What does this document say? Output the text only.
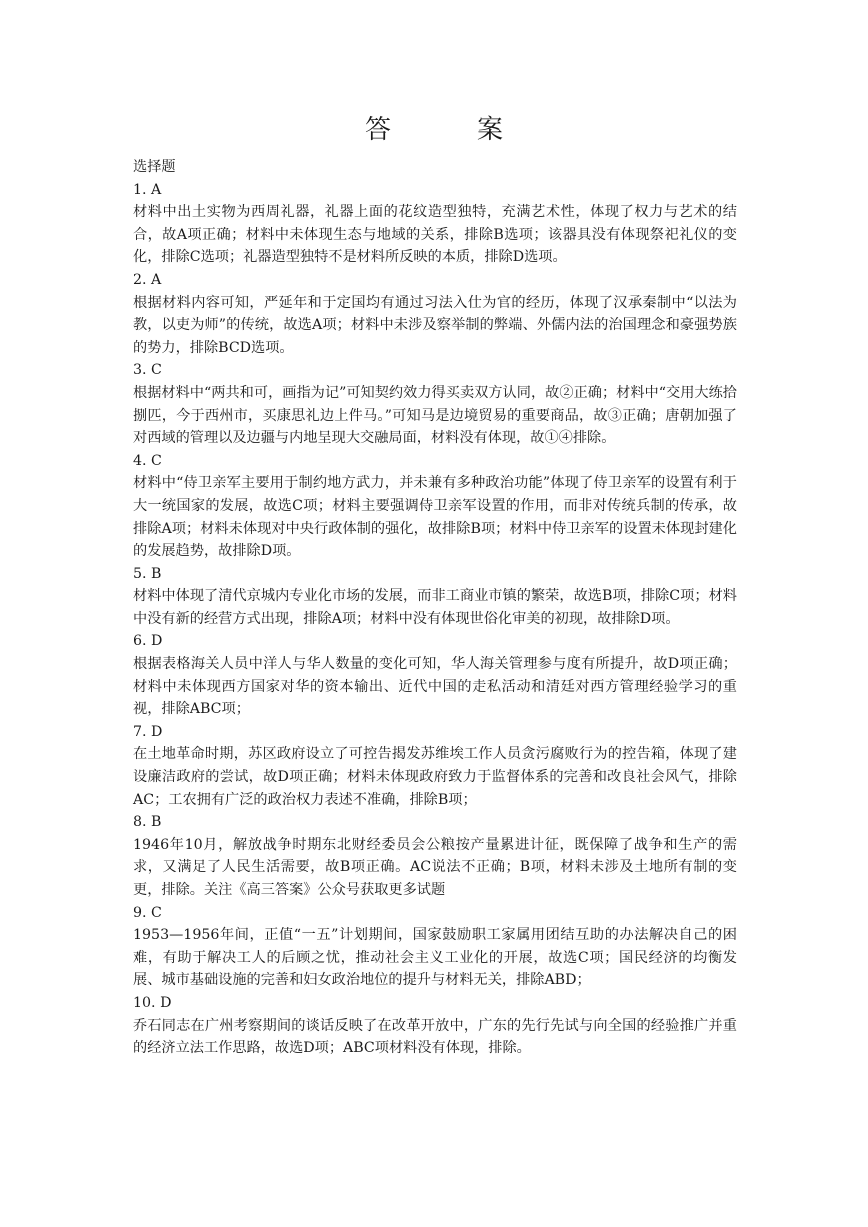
答　案

选择题

1. A

材料中出土实物为西周礼器，礼器上面的花纹造型独特，充满艺术性，体现了权力与艺术的结合，故A项正确；材料中未体现生态与地域的关系，排除B选项；该器具没有体现祭祀礼仪的变化，排除C选项；礼器造型独特不是材料所反映的本质，排除D选项。

2. A

根据材料内容可知，严延年和于定国均有通过习法入仕为官的经历，体现了汉承秦制中“以法为教，以吏为师”的传统，故选A项；材料中未涉及察举制的弊端、外儒内法的治国理念和豪强势族的势力，排除BCD选项。

3. C

根据材料中“两共和可，画指为记”可知契约效力得买卖双方认同，故②正确；材料中“交用大练拾捌匹，今于西州市，买康思礼边上件马。”可知马是边境贸易的重要商品，故③正确；唐朝加强了对西域的管理以及边疆与内地呈现大交融局面，材料没有体现，故①④排除。

4. C

材料中“侍卫亲军主要用于制约地方武力，并未兼有多种政治功能”体现了侍卫亲军的设置有利于大一统国家的发展，故选C项；材料主要强调侍卫亲军设置的作用，而非对传统兵制的传承，故排除A项；材料未体现对中央行政体制的强化，故排除B项；材料中侍卫亲军的设置未体现封建化的发展趋势，故排除D项。

5. B

材料中体现了清代京城内专业化市场的发展，而非工商业市镇的繁荣，故选B项，排除C项；材料中没有新的经营方式出现，排除A项；材料中没有体现世俗化审美的初现，故排除D项。

6. D

根据表格海关人员中洋人与华人数量的变化可知，华人海关管理参与度有所提升，故D项正确；材料中未体现西方国家对华的资本输出、近代中国的走私活动和清廷对西方管理经验学习的重视，排除ABC项；

7. D

在土地革命时期，苏区政府设立了可控告揭发苏维埃工作人员贪污腐败行为的控告箱，体现了建设廉洁政府的尝试，故D项正确；材料未体现政府致力于监督体系的完善和改良社会风气，排除AC；工农拥有广泛的政治权力表述不准确，排除B项；

8. B

1946年10月，解放战争时期东北财经委员会公粮按产量累进计征，既保障了战争和生产的需求，又满足了人民生活需要，故B项正确。AC说法不正确；B项，材料未涉及土地所有制的变更，排除。关注《高三答案》公众号获取更多试题

9. C

1953—1956年间，正值“一五”计划期间，国家鼓励职工家属用团结互助的办法解决自己的困难，有助于解决工人的后顾之忧，推动社会主义工业化的开展，故选C项；国民经济的均衡发展、城市基础设施的完善和妇女政治地位的提升与材料无关，排除ABD；

10. D

乔石同志在广州考察期间的谈话反映了在改革开放中，广东的先行先试与向全国的经验推广并重的经济立法工作思路，故选D项；ABC项材料没有体现，排除。
